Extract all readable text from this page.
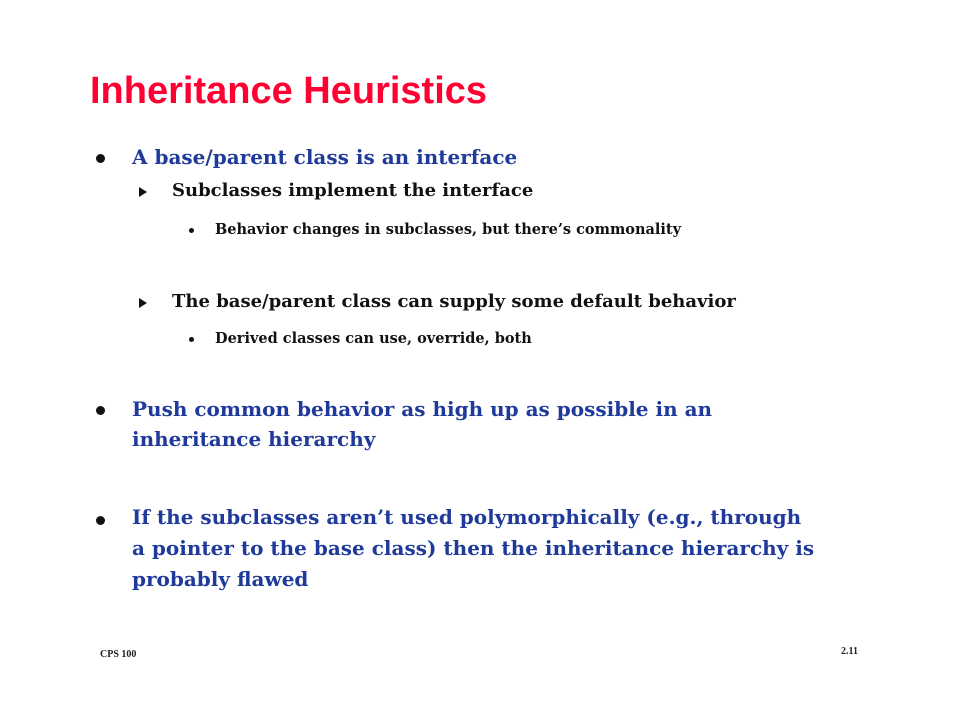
Inheritance Heuristics
A base/parent class is an interface
Subclasses implement the interface
Behavior changes in subclasses, but there’s commonality
The base/parent class can supply some default behavior
Derived classes can use, override, both
Push common behavior as high up as possible in an
inheritance hierarchy
If the subclasses aren’t used polymorphically (e.g., through
a pointer to the base class) then the inheritance hierarchy is
probably flawed
CPS 100	2.11
